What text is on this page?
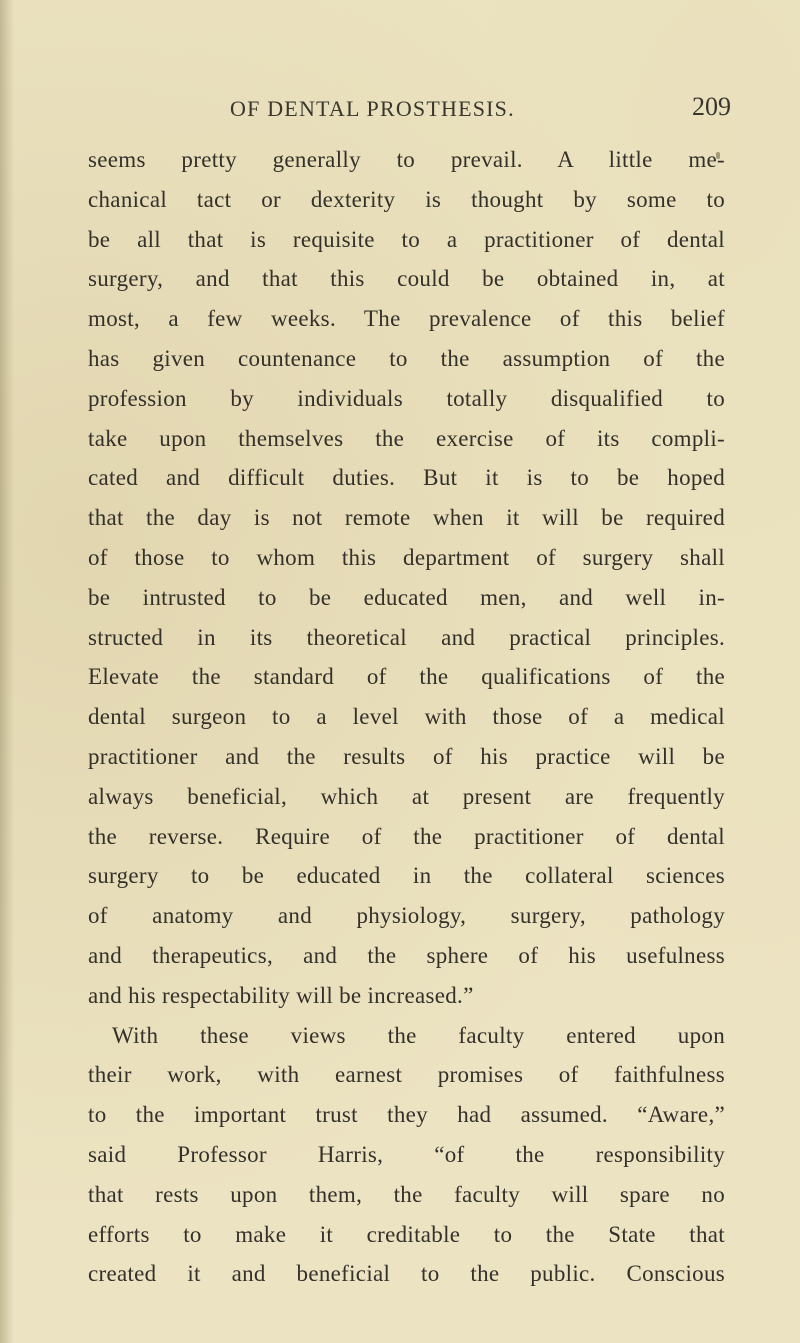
OF DENTAL PROSTHESIS.	209
seems pretty generally to prevail. A little me-
chanical tact or dexterity is thought by some to
be all that is requisite to a practitioner of dental
surgery, and that this could be obtained in, at
most, a few weeks. The prevalence of this belief
has given countenance to the assumption of the
profession by individuals totally disqualified to
take upon themselves the exercise of its compli-
cated and difficult duties. But it is to be hoped
that the day is not remote when it will be required
of those to whom this department of surgery shall
be intrusted to be educated men, and well in-
structed in its theoretical and practical principles.
Elevate the standard of the qualifications of the
dental surgeon to a level with those of a medical
practitioner and the results of his practice will be
always beneficial, which at present are frequently
the reverse. Require of the practitioner of dental
surgery to be educated in the collateral sciences
of anatomy and physiology, surgery, pathology
and therapeutics, and the sphere of his usefulness
and his respectability will be increased.”
With these views the faculty entered upon
their work, with earnest promises of faithfulness
to the important trust they had assumed. “Aware,”
said Professor Harris, “of the responsibility
that rests upon them, the faculty will spare no
efforts to make it creditable to the State that
created it and beneficial to the public. Conscious
